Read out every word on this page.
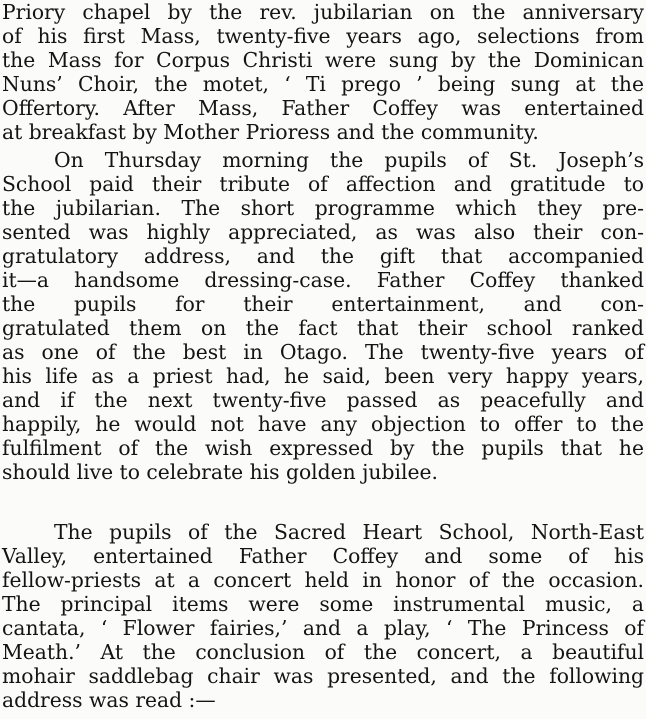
Priory chapel by the rev. jubilarian on the anniversary
of his first Mass, twenty-five years ago, selections from
the Mass for Corpus Christi were sung by the Dominican
Nuns’ Choir, the motet, ‘ Ti prego ’ being sung at the
Offertory. After Mass, Father Coffey was entertained
at breakfast by Mother Prioress and the community.
On Thursday morning the pupils of St. Joseph’s
School paid their tribute of affection and gratitude to
the jubilarian. The short programme which they pre-
sented was highly appreciated, as was also their con-
gratulatory address, and the gift that accompanied
it—a handsome dressing-case. Father Coffey thanked
the pupils for their entertainment, and con-
gratulated them on the fact that their school ranked
as one of the best in Otago. The twenty-five years of
his life as a priest had, he said, been very happy years,
and if the next twenty-five passed as peacefully and
happily, he would not have any objection to offer to the
fulfilment of the wish expressed by the pupils that he
should live to celebrate his golden jubilee.
The pupils of the Sacred Heart School, North-East
Valley, entertained Father Coffey and some of his
fellow-priests at a concert held in honor of the occasion.
The principal items were some instrumental music, a
cantata, ‘ Flower fairies,’ and a play, ‘ The Princess of
Meath.’ At the conclusion of the concert, a beautiful
mohair saddlebag chair was presented, and the following
address was read :—
